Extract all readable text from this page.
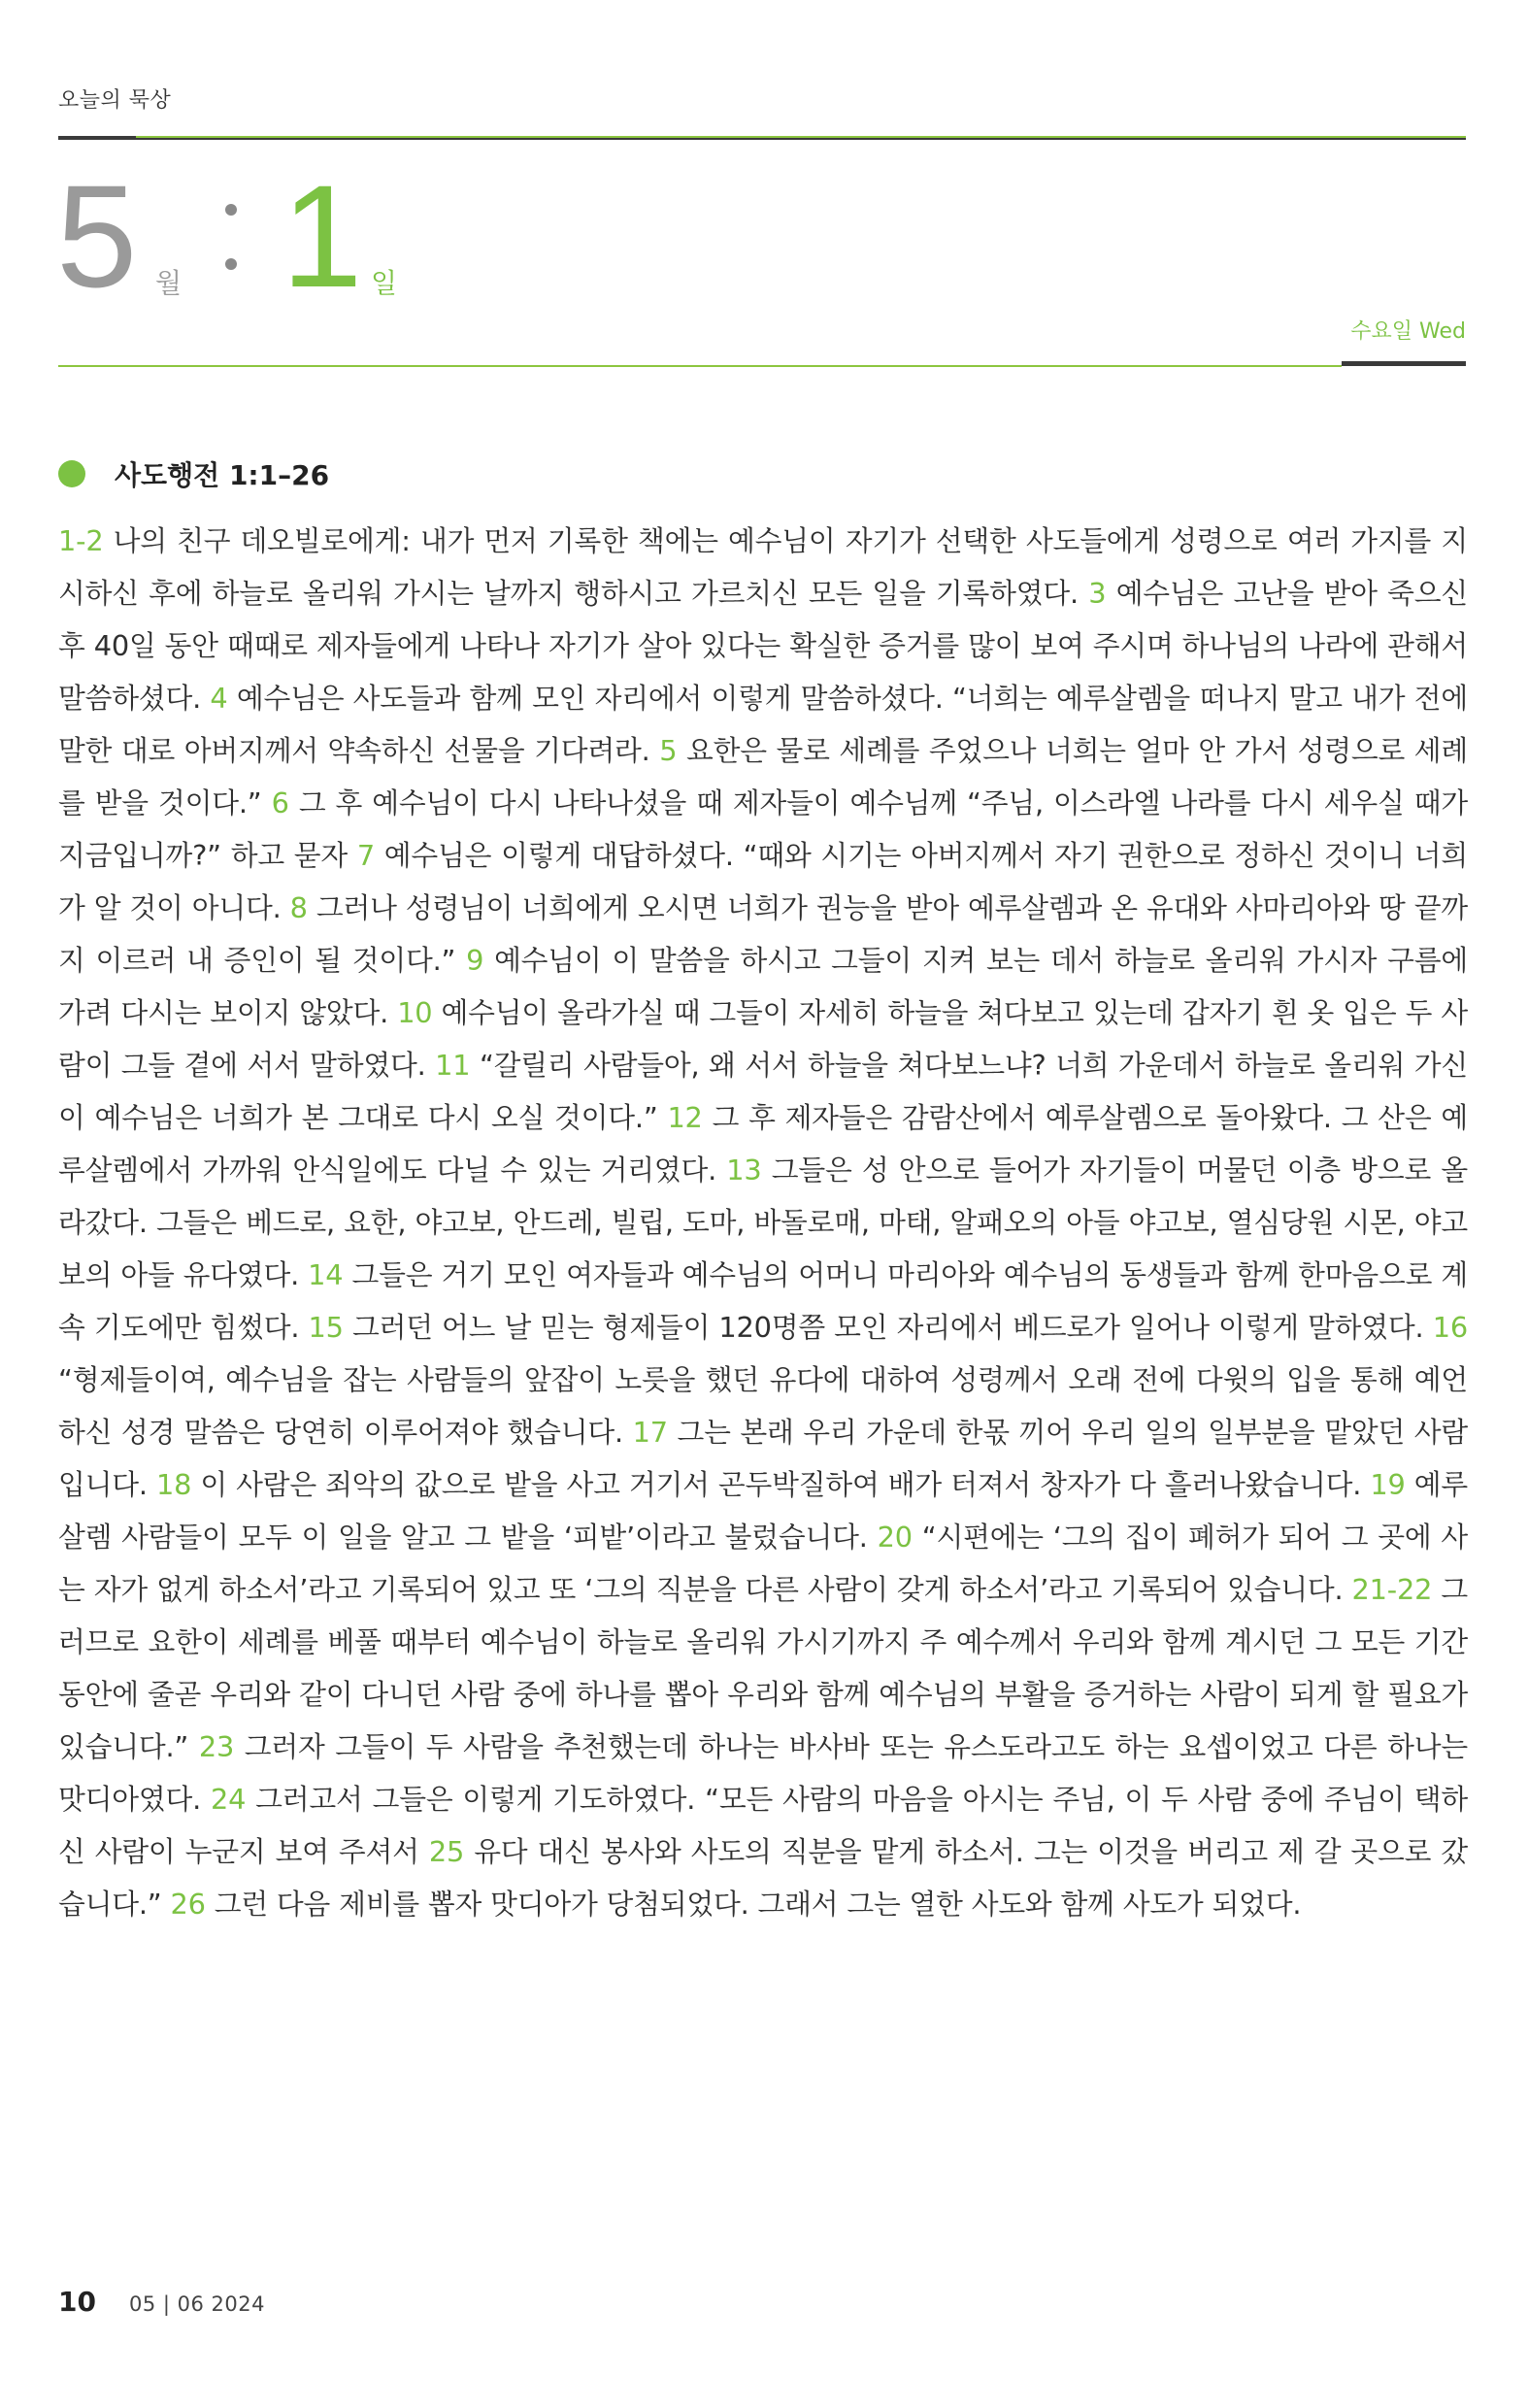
오늘의 묵상
5 월 1 일
수요일 Wed
사도행전 1:1–26

1-2 나의 친구 데오빌로에게: 내가 먼저 기록한 책에는 예수님이 자기가 선택한 사도들에게 성령으로 여러 가지를 지시하신 후에 하늘로 올리워 가시는 날까지 행하시고 가르치신 모든 일을 기록하였다. 3 예수님은 고난을 받아 죽으신 후 40일 동안 때때로 제자들에게 나타나 자기가 살아 있다는 확실한 증거를 많이 보여 주시며 하나님의 나라에 관해서 말씀하셨다. 4 예수님은 사도들과 함께 모인 자리에서 이렇게 말씀하셨다. “너희는 예루살렘을 떠나지 말고 내가 전에 말한 대로 아버지께서 약속하신 선물을 기다려라. 5 요한은 물로 세례를 주었으나 너희는 얼마 안 가서 성령으로 세례를 받을 것이다.” 6 그 후 예수님이 다시 나타나셨을 때 제자들이 예수님께 “주님, 이스라엘 나라를 다시 세우실 때가 지금입니까?” 하고 묻자 7 예수님은 이렇게 대답하셨다. “때와 시기는 아버지께서 자기 권한으로 정하신 것이니 너희가 알 것이 아니다. 8 그러나 성령님이 너희에게 오시면 너희가 권능을 받아 예루살렘과 온 유대와 사마리아와 땅 끝까지 이르러 내 증인이 될 것이다.” 9 예수님이 이 말씀을 하시고 그들이 지켜 보는 데서 하늘로 올리워 가시자 구름에 가려 다시는 보이지 않았다. 10 예수님이 올라가실 때 그들이 자세히 하늘을 쳐다보고 있는데 갑자기 흰 옷 입은 두 사람이 그들 곁에 서서 말하였다. 11 “갈릴리 사람들아, 왜 서서 하늘을 쳐다보느냐? 너희 가운데서 하늘로 올리워 가신 이 예수님은 너희가 본 그대로 다시 오실 것이다.” 12 그 후 제자들은 감람산에서 예루살렘으로 돌아왔다. 그 산은 예루살렘에서 가까워 안식일에도 다닐 수 있는 거리였다. 13 그들은 성 안으로 들어가 자기들이 머물던 이층 방으로 올라갔다. 그들은 베드로, 요한, 야고보, 안드레, 빌립, 도마, 바돌로매, 마태, 알패오의 아들 야고보, 열심당원 시몬, 야고보의 아들 유다였다. 14 그들은 거기 모인 여자들과 예수님의 어머니 마리아와 예수님의 동생들과 함께 한마음으로 계속 기도에만 힘썼다. 15 그러던 어느 날 믿는 형제들이 120명쯤 모인 자리에서 베드로가 일어나 이렇게 말하였다. 16 “형제들이여, 예수님을 잡는 사람들의 앞잡이 노릇을 했던 유다에 대하여 성령께서 오래 전에 다윗의 입을 통해 예언하신 성경 말씀은 당연히 이루어져야 했습니다. 17 그는 본래 우리 가운데 한몫 끼어 우리 일의 일부분을 맡았던 사람입니다. 18 이 사람은 죄악의 값으로 밭을 사고 거기서 곤두박질하여 배가 터져서 창자가 다 흘러나왔습니다. 19 예루살렘 사람들이 모두 이 일을 알고 그 밭을 ‘피밭’이라고 불렀습니다. 20 “시편에는 ‘그의 집이 폐허가 되어 그 곳에 사는 자가 없게 하소서’라고 기록되어 있고 또 ‘그의 직분을 다른 사람이 갖게 하소서’라고 기록되어 있습니다. 21-22 그러므로 요한이 세례를 베풀 때부터 예수님이 하늘로 올리워 가시기까지 주 예수께서 우리와 함께 계시던 그 모든 기간 동안에 줄곧 우리와 같이 다니던 사람 중에 하나를 뽑아 우리와 함께 예수님의 부활을 증거하는 사람이 되게 할 필요가 있습니다.” 23 그러자 그들이 두 사람을 추천했는데 하나는 바사바 또는 유스도라고도 하는 요셉이었고 다른 하나는 맛디아였다. 24 그러고서 그들은 이렇게 기도하였다. “모든 사람의 마음을 아시는 주님, 이 두 사람 중에 주님이 택하신 사람이 누군지 보여 주셔서 25 유다 대신 봉사와 사도의 직분을 맡게 하소서. 그는 이것을 버리고 제 갈 곳으로 갔습니다.” 26 그런 다음 제비를 뽑자 맛디아가 당첨되었다. 그래서 그는 열한 사도와 함께 사도가 되었다.

10 05 | 06 2024
